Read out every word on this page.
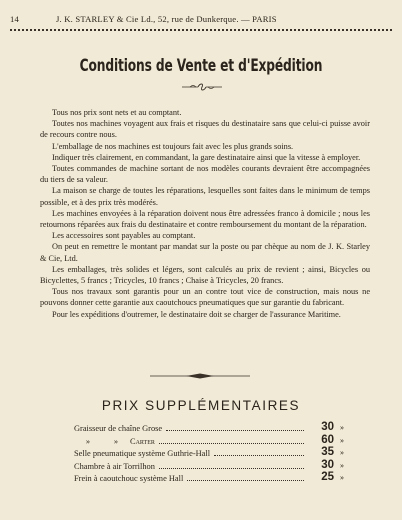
14	J. K. STARLEY & Cie Ld., 52, rue de Dunkerque. — PARIS
Conditions de Vente et d'Expédition

Tous nos prix sont nets et au comptant.

Toutes nos machines voyagent aux frais et risques du destinataire sans que celui-ci puisse avoir de recours contre nous.

L'emballage de nos machines est toujours fait avec les plus grands soins.

Indiquer très clairement, en commandant, la gare destinataire ainsi que la vitesse à employer.

Toutes commandes de machine sortant de nos modèles courants devraient être accompagnées du tiers de sa valeur.

La maison se charge de toutes les réparations, lesquelles sont faites dans le minimum de temps possible, et à des prix très modérés.

Les machines envoyées à la réparation doivent nous être adressées franco à domicile ; nous les retournons réparées aux frais du destinataire et contre remboursement du montant de la réparation.

Les accessoires sont payables au comptant.

On peut en remettre le montant par mandat sur la poste ou par chèque au nom de J. K. Starley & Cie, Ltd.

Les emballages, très solides et légers, sont calculés au prix de revient ; ainsi, Bicycles ou Bicyclettes, 5 francs ; Tricycles, 10 francs ; Chaise à Tricycles, 20 francs.

Tous nos travaux sont garantis pour un an contre tout vice de construction, mais nous ne pouvons donner cette garantie aux caoutchoucs pneumatiques que sur garantie du fabricant.

Pour les expéditions d'outremer, le destinataire doit se charger de l'assurance Maritime.

PRIX SUPPLÉMENTAIRES
Graisseur de chaîne Grose	30 »
»	»	Carter	60 »
Selle pneumatique système Guthrie-Hall	35 »
Chambre à air Torrilhon	30 »
Frein à caoutchouc système Hall	25 »
